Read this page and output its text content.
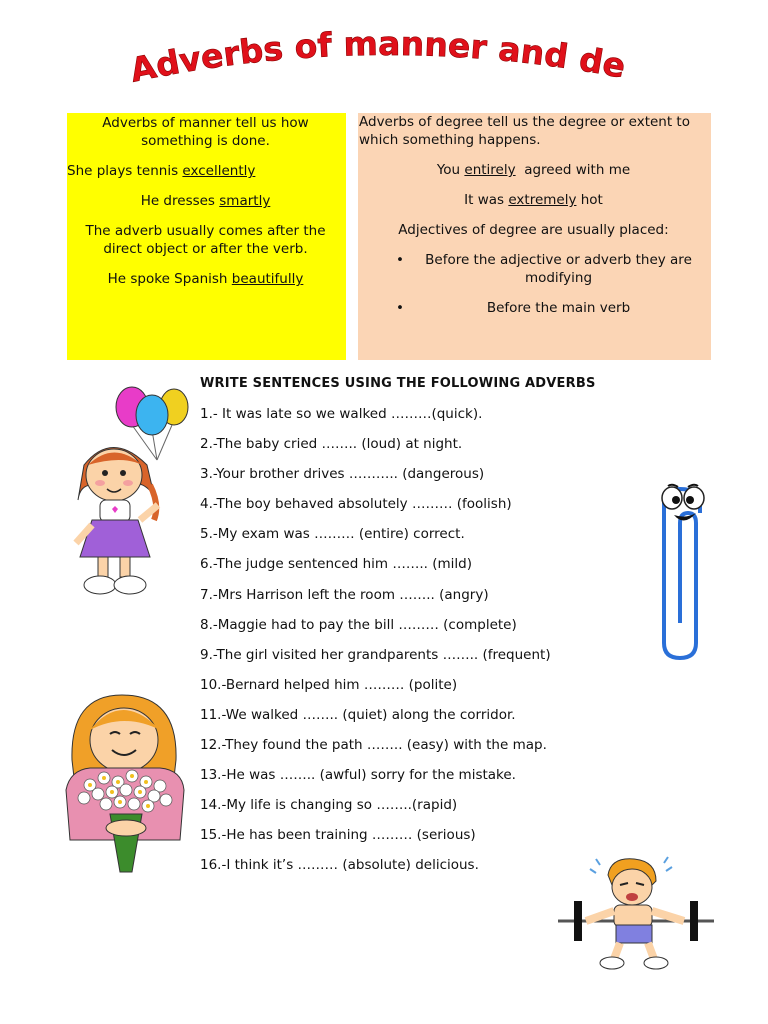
Adverbs of manner and degree

Adverbs of manner tell us how something is done.

She plays tennis excellently

He dresses smartly

The adverb usually comes after the direct object or after the verb.

He spoke Spanish beautifully

Adverbs of degree tell us the degree or extent to which something happens.

You entirely  agreed with me

It was extremely hot

Adjectives of degree are usually placed:

• Before the adjective or adverb they are modifying
• Before the main verb
WRITE SENTENCES USING THE FOLLOWING ADVERBS
1.- It was late so we walked ………(quick).
2.-The baby cried …….. (loud) at night.
3.-Your brother drives ……….. (dangerous)
4.-The boy behaved absolutely ……… (foolish)
5.-My exam was ……… (entire) correct.
6.-The judge sentenced him …….. (mild)
7.-Mrs Harrison left the room …….. (angry)
8.-Maggie had to pay the bill ……… (complete)
9.-The girl visited her grandparents …….. (frequent)
10.-Bernard helped him ……… (polite)
11.-We walked …….. (quiet) along the corridor.
12.-They found the path …….. (easy) with the map.
13.-He was …….. (awful) sorry for the mistake.
14.-My life is changing so ……..(rapid)
15.-He has been training ……… (serious)
16.-I think it’s ……… (absolute) delicious.
